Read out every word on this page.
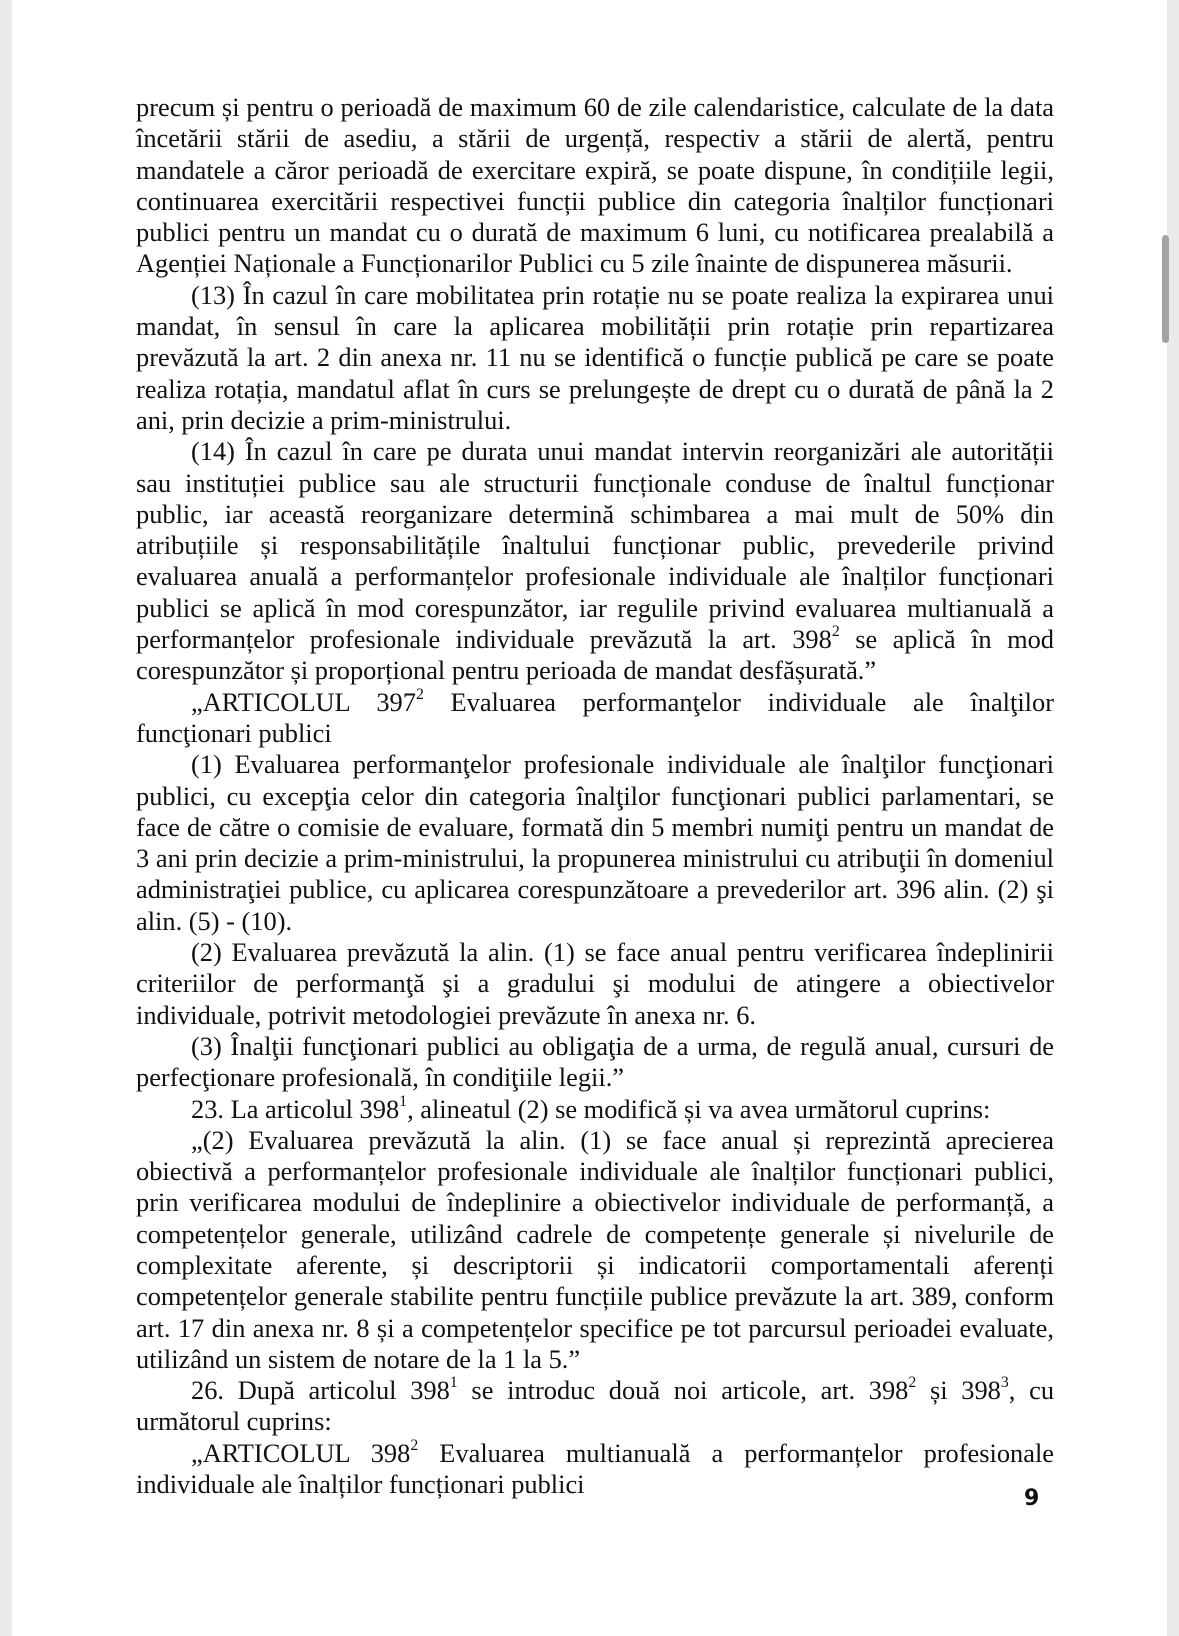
precum și pentru o perioadă de maximum 60 de zile calendaristice, calculate de la data încetării stării de asediu, a stării de urgență, respectiv a stării de alertă, pentru mandatele a căror perioadă de exercitare expiră, se poate dispune, în condițiile legii, continuarea exercitării respectivei funcții publice din categoria înalților funcționari publici pentru un mandat cu o durată de maximum 6 luni, cu notificarea prealabilă a Agenției Naționale a Funcționarilor Publici cu 5 zile înainte de dispunerea măsurii.

(13) În cazul în care mobilitatea prin rotație nu se poate realiza la expirarea unui mandat, în sensul în care la aplicarea mobilității prin rotație prin repartizarea prevăzută la art. 2 din anexa nr. 11 nu se identifică o funcție publică pe care se poate realiza rotația, mandatul aflat în curs se prelungește de drept cu o durată de până la 2 ani, prin decizie a prim-ministrului.

(14) În cazul în care pe durata unui mandat intervin reorganizări ale autorității sau instituției publice sau ale structurii funcționale conduse de înaltul funcționar public, iar această reorganizare determină schimbarea a mai mult de 50% din atribuțiile și responsabilitățile înaltului funcționar public, prevederile privind evaluarea anuală a performanțelor profesionale individuale ale înalților funcționari publici se aplică în mod corespunzător, iar regulile privind evaluarea multianuală a performanțelor profesionale individuale prevăzută la art. $398^2$ se aplică în mod corespunzător și proporțional pentru perioada de mandat desfășurată.”

„ARTICOLUL $397^2$ Evaluarea performanţelor individuale ale înalţilor funcţionari publici

(1) Evaluarea performanţelor profesionale individuale ale înalţilor funcţionari publici, cu excepţia celor din categoria înalţilor funcţionari publici parlamentari, se face de către o comisie de evaluare, formată din 5 membri numiţi pentru un mandat de 3 ani prin decizie a prim-ministrului, la propunerea ministrului cu atribuţii în domeniul administraţiei publice, cu aplicarea corespunzătoare a prevederilor art. 396 alin. (2) şi alin. (5) - (10).

(2) Evaluarea prevăzută la alin. (1) se face anual pentru verificarea îndeplinirii criteriilor de performanţă şi a gradului şi modului de atingere a obiectivelor individuale, potrivit metodologiei prevăzute în anexa nr. 6.

(3) Înalţii funcţionari publici au obligaţia de a urma, de regulă anual, cursuri de perfecţionare profesională, în condiţiile legii.”

23. La articolul $398^1$, alineatul (2) se modifică și va avea următorul cuprins:

„(2) Evaluarea prevăzută la alin. (1) se face anual și reprezintă aprecierea obiectivă a performanțelor profesionale individuale ale înalților funcționari publici, prin verificarea modului de îndeplinire a obiectivelor individuale de performanță, a competențelor generale, utilizând cadrele de competențe generale și nivelurile de complexitate aferente, și descriptorii și indicatorii comportamentali aferenți competențelor generale stabilite pentru funcțiile publice prevăzute la art. 389, conform art. 17 din anexa nr. 8 și a competențelor specifice pe tot parcursul perioadei evaluate, utilizând un sistem de notare de la 1 la 5.”

26. După articolul $398^1$ se introduc două noi articole, art. $398^2$ și $398^3$, cu următorul cuprins:

„ARTICOLUL $398^2$ Evaluarea multianuală a performanțelor profesionale individuale ale înalților funcționari publici	9
